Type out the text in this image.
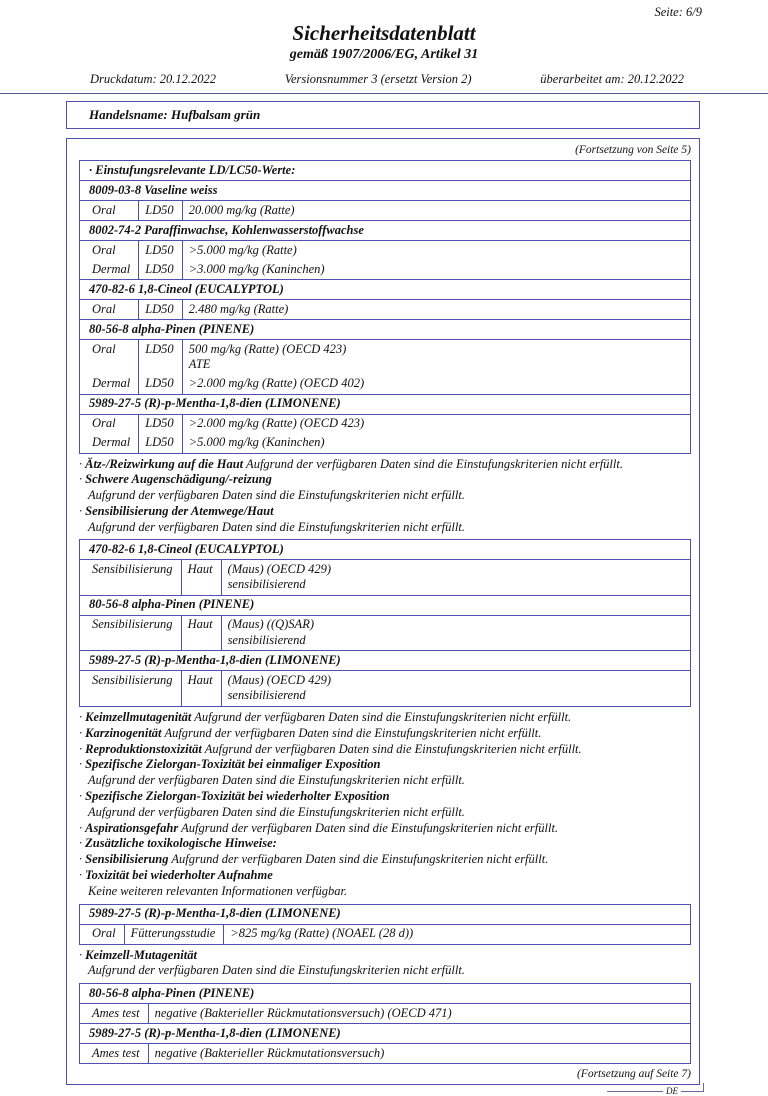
Seite: 6/9
Sicherheitsdatenblatt
gemäß 1907/2006/EG, Artikel 31
Druckdatum: 20.12.2022	Versionsnummer 3 (ersetzt Version 2)	überarbeitet am: 20.12.2022
Handelsname: Hufbalsam grün
(Fortsetzung von Seite 5)
· Einstufungsrelevante LD/LC50-Werte:		
8009-03-8 Vaseline weiss		

Oral	LD50	20.000 mg/kg (Ratte)

8002-74-2 Paraffinwachse, Kohlenwasserstoffwachse		

Oral	LD50	>5.000 mg/kg (Ratte)

Dermal	LD50	>3.000 mg/kg (Kaninchen)

470-82-6 1,8-Cineol (EUCALYPTOL)		

Oral	LD50	2.480 mg/kg (Ratte)

80-56-8 alpha-Pinen (PINENE)		

Oral	LD50	500 mg/kg (Ratte) (OECD 423)
ATE

Dermal	LD50	>2.000 mg/kg (Ratte) (OECD 402)

5989-27-5 (R)-p-Mentha-1,8-dien (LIMONENE)		

Oral	LD50	>2.000 mg/kg (Ratte) (OECD 423)

Dermal	LD50	>5.000 mg/kg (Kaninchen)
· Ätz-/Reizwirkung auf die Haut Aufgrund der verfügbaren Daten sind die Einstufungskriterien nicht erfüllt.
· Schwere Augenschädigung/-reizung
Aufgrund der verfügbaren Daten sind die Einstufungskriterien nicht erfüllt.
· Sensibilisierung der Atemwege/Haut
Aufgrund der verfügbaren Daten sind die Einstufungskriterien nicht erfüllt.
470-82-6 1,8-Cineol (EUCALYPTOL)		

Sensibilisierung	Haut	(Maus) (OECD 429)
sensibilisierend

80-56-8 alpha-Pinen (PINENE)		

Sensibilisierung	Haut	(Maus) ((Q)SAR)
sensibilisierend

5989-27-5 (R)-p-Mentha-1,8-dien (LIMONENE)		

Sensibilisierung	Haut	(Maus) (OECD 429)
sensibilisierend
· Keimzellmutagenität Aufgrund der verfügbaren Daten sind die Einstufungskriterien nicht erfüllt.
· Karzinogenität Aufgrund der verfügbaren Daten sind die Einstufungskriterien nicht erfüllt.
· Reproduktionstoxizität Aufgrund der verfügbaren Daten sind die Einstufungskriterien nicht erfüllt.
· Spezifische Zielorgan-Toxizität bei einmaliger Exposition
Aufgrund der verfügbaren Daten sind die Einstufungskriterien nicht erfüllt.
· Spezifische Zielorgan-Toxizität bei wiederholter Exposition
Aufgrund der verfügbaren Daten sind die Einstufungskriterien nicht erfüllt.
· Aspirationsgefahr Aufgrund der verfügbaren Daten sind die Einstufungskriterien nicht erfüllt.
· Zusätzliche toxikologische Hinweise:
· Sensibilisierung Aufgrund der verfügbaren Daten sind die Einstufungskriterien nicht erfüllt.
· Toxizität bei wiederholter Aufnahme
Keine weiteren relevanten Informationen verfügbar.
5989-27-5 (R)-p-Mentha-1,8-dien (LIMONENE)

Oral	Fütterungsstudie	>825 mg/kg (Ratte) (NOAEL (28 d))
· Keimzell-Mutagenität
Aufgrund der verfügbaren Daten sind die Einstufungskriterien nicht erfüllt.
80-56-8 alpha-Pinen (PINENE)	

Ames test	negative (Bakterieller Rückmutationsversuch) (OECD 471)

5989-27-5 (R)-p-Mentha-1,8-dien (LIMONENE)	

Ames test	negative (Bakterieller Rückmutationsversuch)
(Fortsetzung auf Seite 7)
DE
